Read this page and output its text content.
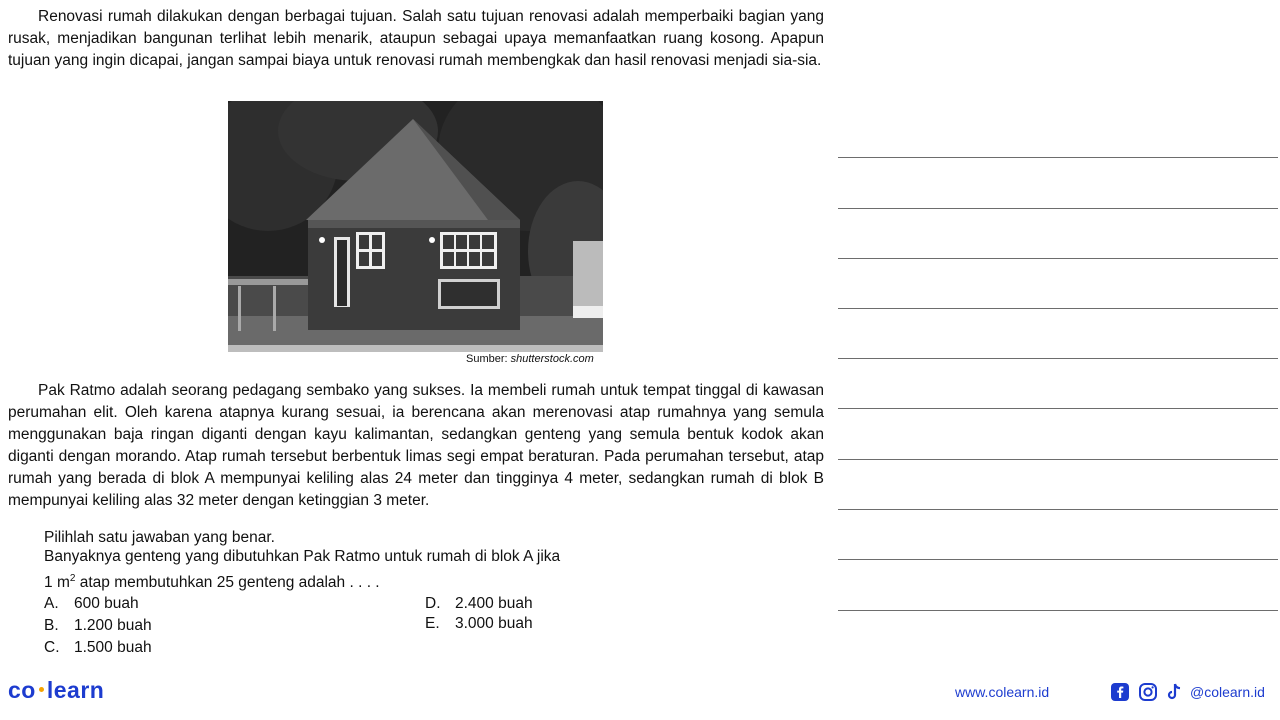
Renovasi rumah dilakukan dengan berbagai tujuan. Salah satu tujuan renovasi adalah memperbaiki bagian yang rusak, menjadikan bangunan terlihat lebih menarik, ataupun sebagai upaya memanfaatkan ruang kosong. Apapun tujuan yang ingin dicapai, jangan sampai biaya untuk renovasi rumah membengkak dan hasil renovasi menjadi sia-sia.

Sumber: shutterstock.com

Pak Ratmo adalah seorang pedagang sembako yang sukses. Ia membeli rumah untuk tempat tinggal di kawasan perumahan elit. Oleh karena atapnya kurang sesuai, ia berencana akan merenovasi atap rumahnya yang semula menggunakan baja ringan diganti dengan kayu kalimantan, sedangkan genteng yang semula bentuk kodok akan diganti dengan morando. Atap rumah tersebut berbentuk limas segi empat beraturan. Pada perumahan tersebut, atap rumah yang berada di blok A mempunyai keliling alas 24 meter dan tingginya 4 meter, sedangkan rumah di blok B mempunyai keliling alas 32 meter dengan ketinggian 3 meter.

Pilihlah satu jawaban yang benar.

Banyaknya genteng yang dibutuhkan Pak Ratmo untuk rumah di blok A jika
1 $m^2$ atap membutuhkan 25 genteng adalah . . . .

A. 600 buah
B. 1.200 buah
C. 1.500 buah
D. 2.400 buah
E. 3.000 buah
co learn	www.colearn.id	@colearn.id
